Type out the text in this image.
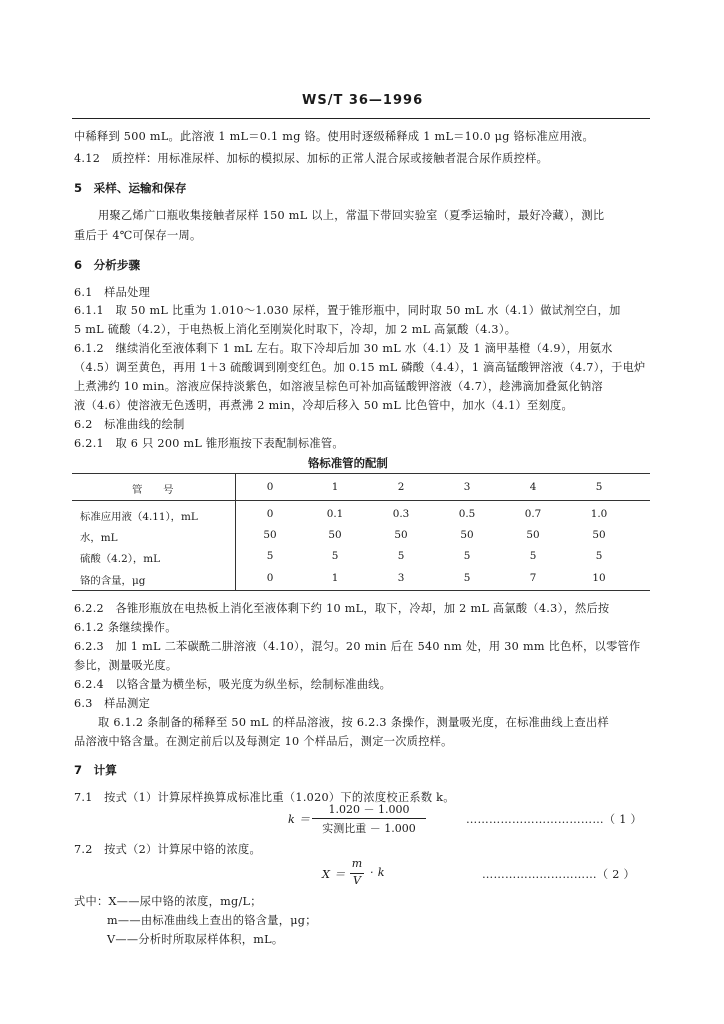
WS/T 36—1996
中稀释到 500 mL。此溶液 1 mL＝0.1 mg 铬。使用时逐级稀释成 1 mL＝10.0 μg 铬标准应用液。
4.12　质控样：用标准尿样、加标的模拟尿、加标的正常人混合尿或接触者混合尿作质控样。
5　采样、运输和保存
用聚乙烯广口瓶收集接触者尿样 150 mL 以上，常温下带回实验室（夏季运输时，最好冷藏），测比
重后于 4℃可保存一周。
6　分析步骤
6.1　样品处理
6.1.1　取 50 mL 比重为 1.010～1.030 尿样，置于锥形瓶中，同时取 50 mL 水（4.1）做试剂空白，加
5 mL 硫酸（4.2），于电热板上消化至刚炭化时取下，冷却，加 2 mL 高氯酸（4.3）。
6.1.2　继续消化至液体剩下 1 mL 左右。取下冷却后加 30 mL 水（4.1）及 1 滴甲基橙（4.9），用氨水
（4.5）调至黄色，再用 1＋3 硫酸调到刚变红色。加 0.15 mL 磷酸（4.4），1 滴高锰酸钾溶液（4.7），于电炉
上煮沸约 10 min。溶液应保持淡紫色，如溶液呈棕色可补加高锰酸钾溶液（4.7），趁沸滴加叠氮化钠溶
液（4.6）使溶液无色透明，再煮沸 2 min，冷却后移入 50 mL 比色管中，加水（4.1）至刻度。
6.2　标准曲线的绘制
6.2.1　取 6 只 200 mL 锥形瓶按下表配制标准管。
铬标准管的配制
管　　号	0	1	2	3	4	5
标准应用液（4.11），mL	0	0.1	0.3	0.5	0.7	1.0
水，mL	50	50	50	50	50	50
硫酸（4.2），mL	5	5	5	5	5	5
铬的含量，μg	0	1	3	5	7	10
6.2.2　各锥形瓶放在电热板上消化至液体剩下约 10 mL，取下，冷却，加 2 mL 高氯酸（4.3），然后按
6.1.2 条继续操作。
6.2.3　加 1 mL 二苯碳酰二肼溶液（4.10），混匀。20 min 后在 540 nm 处，用 30 mm 比色杯，以零管作
参比，测量吸光度。
6.2.4　以铬含量为横坐标，吸光度为纵坐标，绘制标准曲线。
6.3　样品测定
取 6.1.2 条制备的稀释至 50 mL 的样品溶液，按 6.2.3 条操作，测量吸光度，在标准曲线上查出样
品溶液中铬含量。在测定前后以及每测定 10 个样品后，测定一次质控样。
7　计算
7.1　按式（1）计算尿样换算成标准比重（1.020）下的浓度校正系数 k。
k ＝
1.020 － 1.000
实测比重 － 1.000
………………………………（ 1 ）
7.2　按式（2）计算尿中铬的浓度。
X ＝
m
V
· k	…………………………（ 2 ）
式中：X——尿中铬的浓度，mg/L；
m——由标准曲线上查出的铬含量，μg；
V——分析时所取尿样体积，mL。
